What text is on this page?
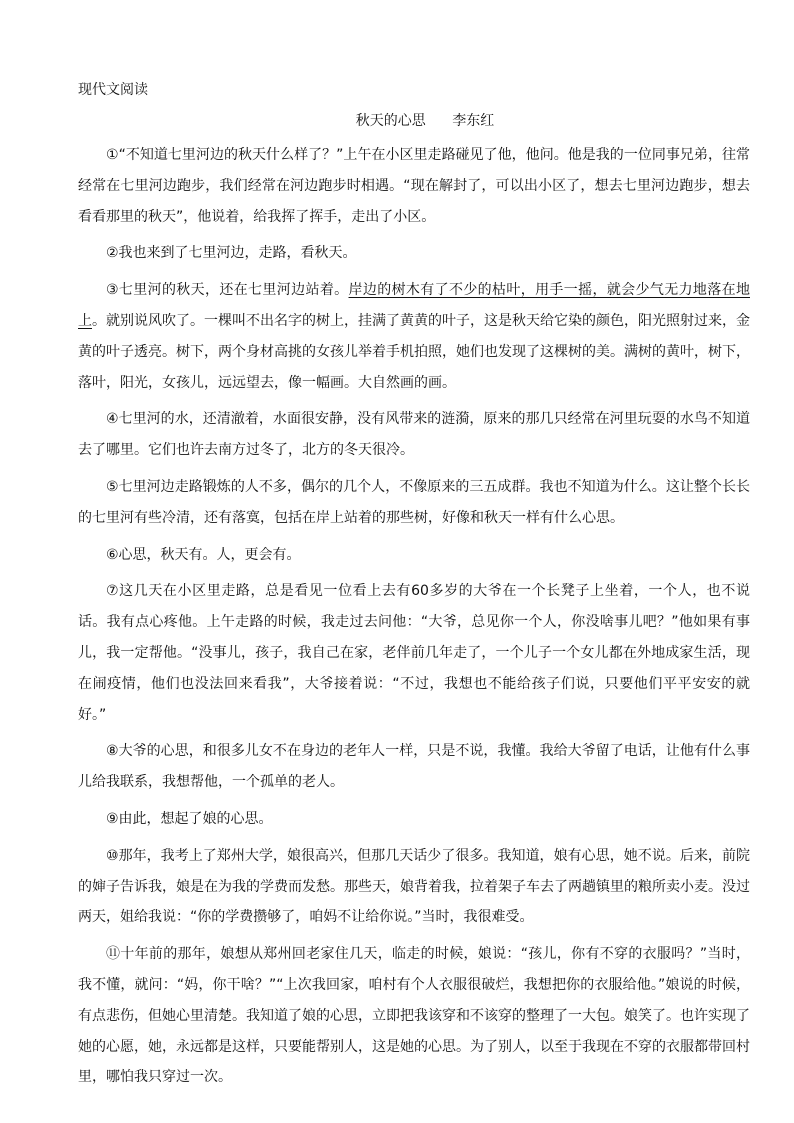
现代文阅读

秋天的心思 李东红

①“不知道七里河边的秋天什么样了？”上午在小区里走路碰见了他，他问。他是我的一位同事兄弟，往常经常在七里河边跑步，我们经常在河边跑步时相遇。“现在解封了，可以出小区了，想去七里河边跑步，想去看看那里的秋天”，他说着，给我挥了挥手，走出了小区。

②我也来到了七里河边，走路，看秋天。

③七里河的秋天，还在七里河边站着。岸边的树木有了不少的枯叶，用手一摇，就会少气无力地落在地上。就别说风吹了。一棵叫不出名字的树上，挂满了黄黄的叶子，这是秋天给它染的颜色，阳光照射过来，金黄的叶子透亮。树下，两个身材高挑的女孩儿举着手机拍照，她们也发现了这棵树的美。满树的黄叶，树下，落叶，阳光，女孩儿，远远望去，像一幅画。大自然画的画。

④七里河的水，还清澈着，水面很安静，没有风带来的涟漪，原来的那几只经常在河里玩耍的水鸟不知道去了哪里。它们也许去南方过冬了，北方的冬天很冷。

⑤七里河边走路锻炼的人不多，偶尔的几个人，不像原来的三五成群。我也不知道为什么。这让整个长长的七里河有些冷清，还有落寞，包括在岸上站着的那些树，好像和秋天一样有什么心思。

⑥心思，秋天有。人，更会有。

⑦这几天在小区里走路，总是看见一位看上去有60多岁的大爷在一个长凳子上坐着，一个人，也不说话。我有点心疼他。上午走路的时候，我走过去问他：“大爷，总见你一个人，你没啥事儿吧？”他如果有事儿，我一定帮他。“没事儿，孩子，我自己在家，老伴前几年走了，一个儿子一个女儿都在外地成家生活，现在闹疫情，他们也没法回来看我”，大爷接着说：“不过，我想也不能给孩子们说，只要他们平平安安的就好。”

⑧大爷的心思，和很多儿女不在身边的老年人一样，只是不说，我懂。我给大爷留了电话，让他有什么事儿给我联系，我想帮他，一个孤单的老人。

⑨由此，想起了娘的心思。

⑩那年，我考上了郑州大学，娘很高兴，但那几天话少了很多。我知道，娘有心思，她不说。后来，前院的婶子告诉我，娘是在为我的学费而发愁。那些天，娘背着我，拉着架子车去了两趟镇里的粮所卖小麦。没过两天，姐给我说：“你的学费攒够了，咱妈不让给你说。”当时，我很难受。

⑪十年前的那年，娘想从郑州回老家住几天，临走的时候，娘说：“孩儿，你有不穿的衣服吗？”当时，我不懂，就问：“妈，你干啥？”“上次我回家，咱村有个人衣服很破烂，我想把你的衣服给他。”娘说的时候，有点悲伤，但她心里清楚。我知道了娘的心思，立即把我该穿和不该穿的整理了一大包。娘笑了。也许实现了她的心愿，她，永远都是这样，只要能帮别人，这是她的心思。为了别人，以至于我现在不穿的衣服都带回村里，哪怕我只穿过一次。
